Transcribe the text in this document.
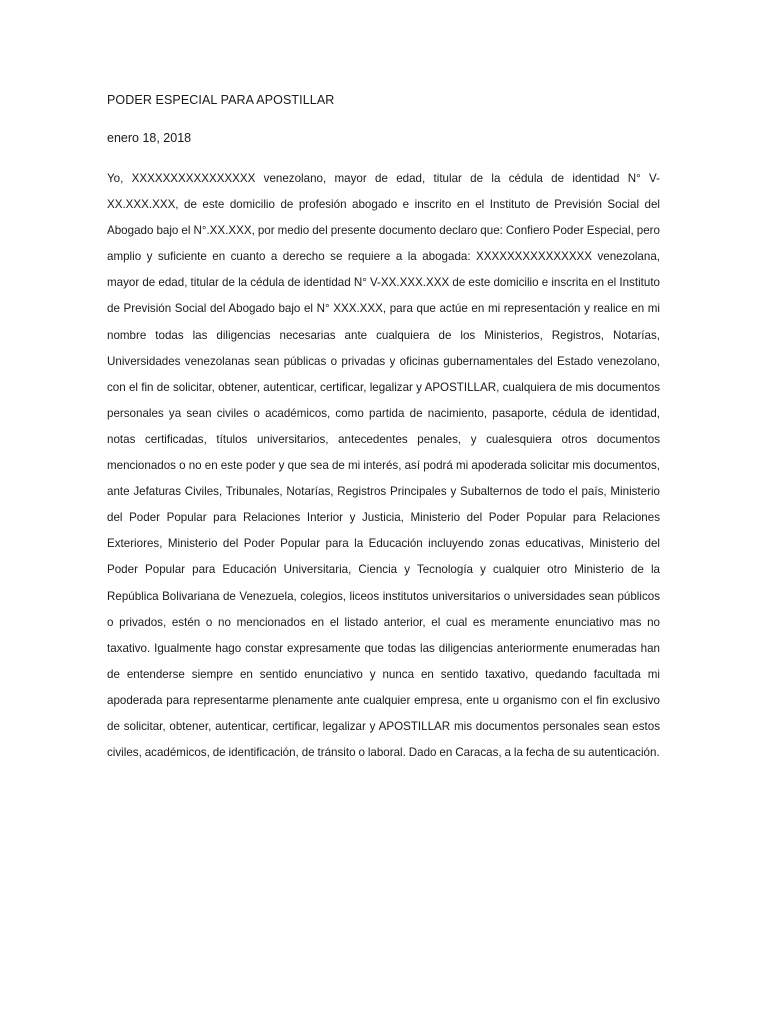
PODER ESPECIAL PARA APOSTILLAR
enero 18, 2018

Yo, XXXXXXXXXXXXXXXX venezolano, mayor de edad, titular de la cédula de identidad N° V-XX.XXX.XXX, de este domicilio de profesión abogado e inscrito en el Instituto de Previsión Social del Abogado bajo el N°.XX.XXX, por medio del presente documento declaro que: Confiero Poder Especial, pero amplio y suficiente en cuanto a derecho se requiere a la abogada: XXXXXXXXXXXXXXX venezolana, mayor de edad, titular de la cédula de identidad N° V-XX.XXX.XXX de este domicilio e inscrita en el Instituto de Previsión Social del Abogado bajo el N° XXX.XXX, para que actúe en mi representación y realice en mi nombre todas las diligencias necesarias ante cualquiera de los Ministerios, Registros, Notarías, Universidades venezolanas sean públicas o privadas y oficinas gubernamentales del Estado venezolano, con el fin de solicitar, obtener, autenticar, certificar, legalizar y APOSTILLAR, cualquiera de mis documentos personales ya sean civiles o académicos, como partida de nacimiento, pasaporte, cédula de identidad, notas certificadas, títulos universitarios, antecedentes penales, y cualesquiera otros documentos mencionados o no en este poder y que sea de mi interés, así podrá mi apoderada solicitar mis documentos, ante Jefaturas Civiles, Tribunales, Notarías, Registros Principales y Subalternos de todo el país, Ministerio del Poder Popular para Relaciones Interior y Justicia, Ministerio del Poder Popular para Relaciones Exteriores, Ministerio del Poder Popular para la Educación incluyendo zonas educativas, Ministerio del Poder Popular para Educación Universitaria, Ciencia y Tecnología y cualquier otro Ministerio de la República Bolivariana de Venezuela, colegios, liceos institutos universitarios o universidades sean públicos o privados, estén o no mencionados en el listado anterior, el cual es meramente enunciativo mas no taxativo. Igualmente hago constar expresamente que todas las diligencias anteriormente enumeradas han de entenderse siempre en sentido enunciativo y nunca en sentido taxativo, quedando facultada mi apoderada para representarme plenamente ante cualquier empresa, ente u organismo con el fin exclusivo de solicitar, obtener, autenticar, certificar, legalizar y APOSTILLAR mis documentos personales sean estos civiles, académicos, de identificación, de tránsito o laboral. Dado en Caracas, a la fecha de su autenticación.
